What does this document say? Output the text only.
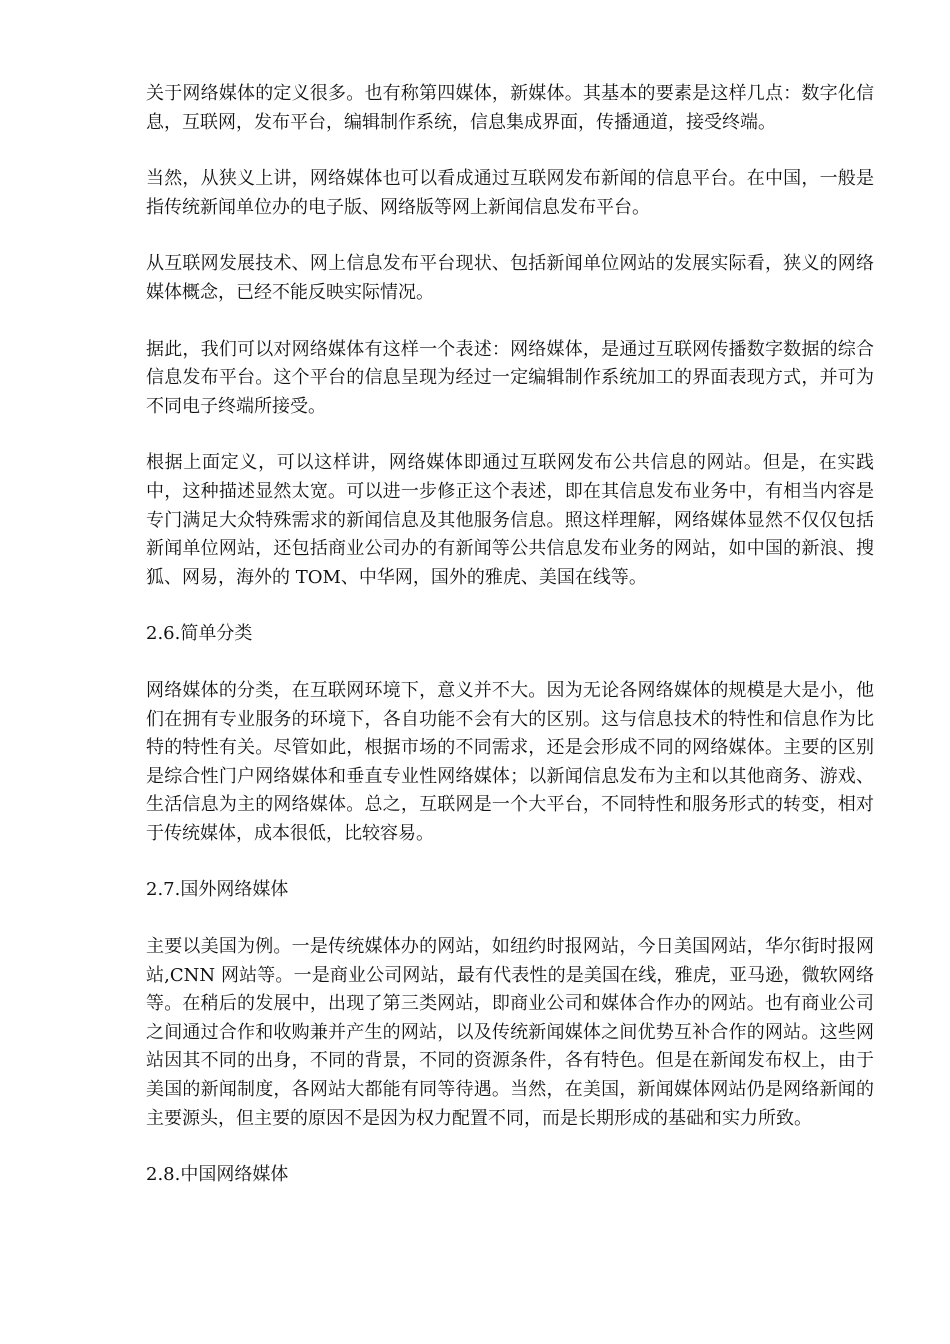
关于网络媒体的定义很多。也有称第四媒体，新媒体。其基本的要素是这样几点：数字化信息，互联网，发布平台，编辑制作系统，信息集成界面，传播通道，接受终端。

当然，从狭义上讲，网络媒体也可以看成通过互联网发布新闻的信息平台。在中国，一般是指传统新闻单位办的电子版、网络版等网上新闻信息发布平台。

从互联网发展技术、网上信息发布平台现状、包括新闻单位网站的发展实际看，狭义的网络媒体概念，已经不能反映实际情况。

据此，我们可以对网络媒体有这样一个表述：网络媒体，是通过互联网传播数字数据的综合信息发布平台。这个平台的信息呈现为经过一定编辑制作系统加工的界面表现方式，并可为不同电子终端所接受。

根据上面定义，可以这样讲，网络媒体即通过互联网发布公共信息的网站。但是，在实践中，这种描述显然太宽。可以进一步修正这个表述，即在其信息发布业务中，有相当内容是专门满足大众特殊需求的新闻信息及其他服务信息。照这样理解，网络媒体显然不仅仅包括新闻单位网站，还包括商业公司办的有新闻等公共信息发布业务的网站，如中国的新浪、搜狐、网易，海外的 TOM、中华网，国外的雅虎、美国在线等。

2.6.简单分类

网络媒体的分类，在互联网环境下，意义并不大。因为无论各网络媒体的规模是大是小，他们在拥有专业服务的环境下，各自功能不会有大的区别。这与信息技术的特性和信息作为比特的特性有关。尽管如此，根据市场的不同需求，还是会形成不同的网络媒体。主要的区别是综合性门户网络媒体和垂直专业性网络媒体；以新闻信息发布为主和以其他商务、游戏、生活信息为主的网络媒体。总之，互联网是一个大平台，不同特性和服务形式的转变，相对于传统媒体，成本很低，比较容易。

2.7.国外网络媒体

主要以美国为例。一是传统媒体办的网站，如纽约时报网站，今日美国网站，华尔街时报网站,CNN 网站等。一是商业公司网站，最有代表性的是美国在线，雅虎，亚马逊，微软网络等。在稍后的发展中，出现了第三类网站，即商业公司和媒体合作办的网站。也有商业公司之间通过合作和收购兼并产生的网站，以及传统新闻媒体之间优势互补合作的网站。这些网站因其不同的出身，不同的背景，不同的资源条件，各有特色。但是在新闻发布权上，由于美国的新闻制度，各网站大都能有同等待遇。当然，在美国，新闻媒体网站仍是网络新闻的主要源头，但主要的原因不是因为权力配置不同，而是长期形成的基础和实力所致。

2.8.中国网络媒体
